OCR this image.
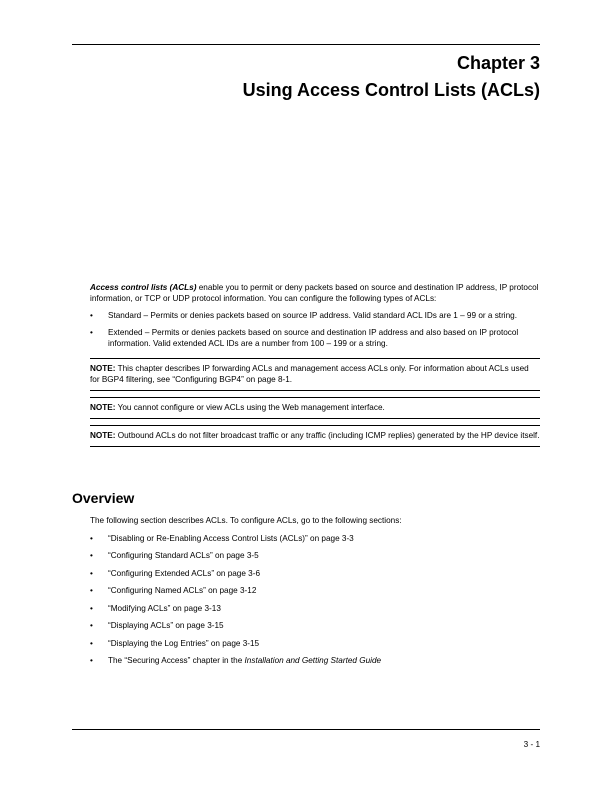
Chapter 3
Using Access Control Lists (ACLs)

Access control lists (ACLs) enable you to permit or deny packets based on source and destination IP address, IP protocol information, or TCP or UDP protocol information. You can configure the following types of ACLs:

• Standard – Permits or denies packets based on source IP address. Valid standard ACL IDs are 1 – 99 or a string.
• Extended – Permits or denies packets based on source and destination IP address and also based on IP protocol information. Valid extended ACL IDs are a number from 100 – 199 or a string.

NOTE: This chapter describes IP forwarding ACLs and management access ACLs only. For information about ACLs used for BGP4 filtering, see “Configuring BGP4” on page 8-1.

NOTE: You cannot configure or view ACLs using the Web management interface.

NOTE: Outbound ACLs do not filter broadcast traffic or any traffic (including ICMP replies) generated by the HP device itself.

Overview

The following section describes ACLs. To configure ACLs, go to the following sections:

• “Disabling or Re-Enabling Access Control Lists (ACLs)” on page 3-3
• “Configuring Standard ACLs” on page 3-5
• “Configuring Extended ACLs” on page 3-6
• “Configuring Named ACLs” on page 3-12
• “Modifying ACLs” on page 3-13
• “Displaying ACLs” on page 3-15
• “Displaying the Log Entries” on page 3-15
• The “Securing Access” chapter in the Installation and Getting Started Guide
3 - 1
